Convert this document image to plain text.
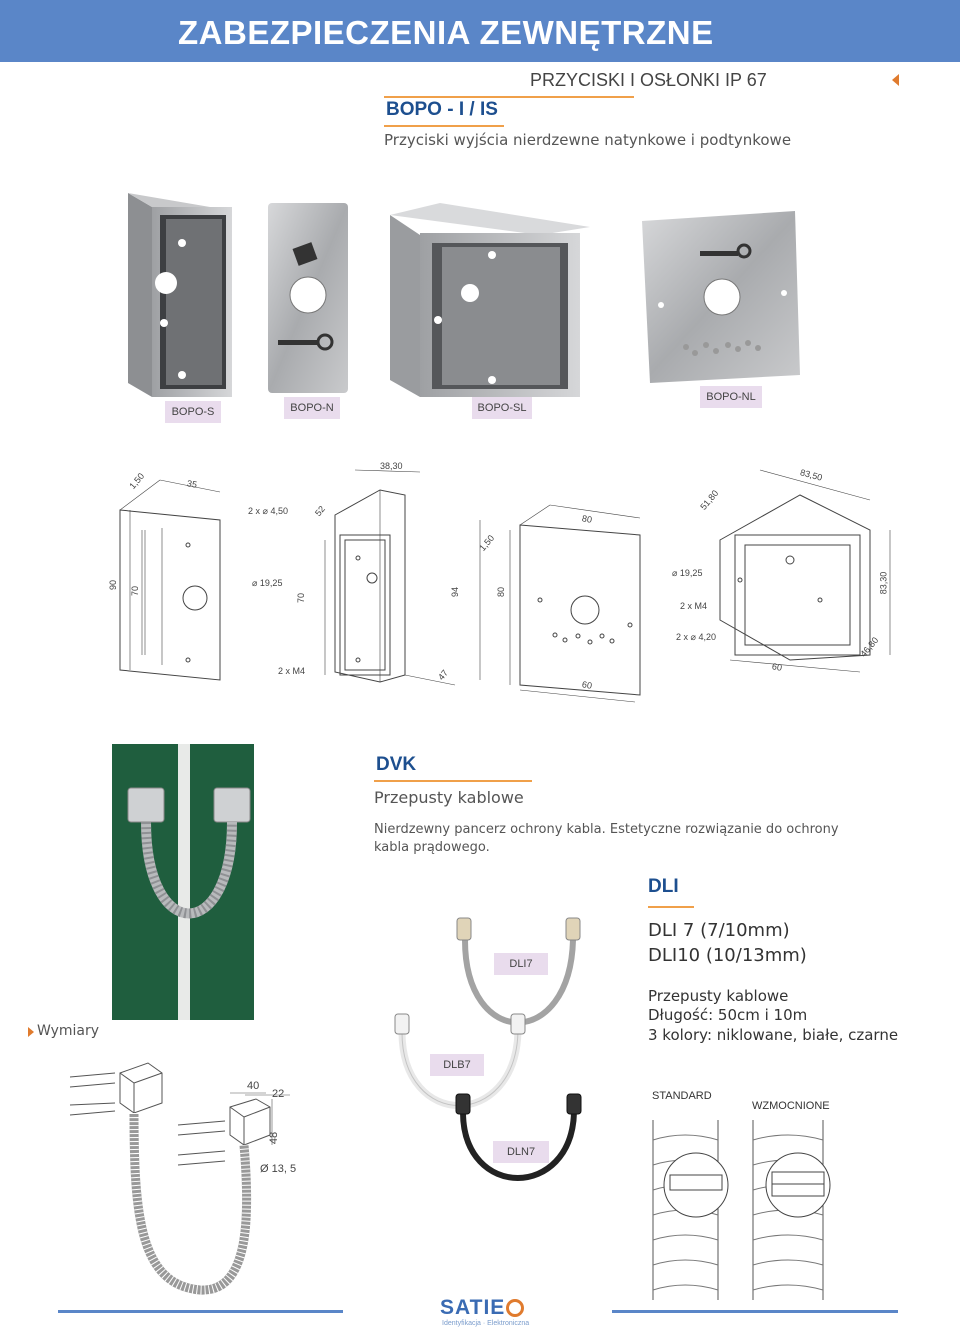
ZABEZPIECZENIA ZEWNĘTRZNE
PRZYCISKI I OSŁONKI IP 67
BOPO - I / IS
Przyciski wyjścia nierdzewne natynkowe i podtynkowe
BOPO-S	BOPO-N	BOPO-SL
BOPO-NL
1,50	35
38,30
83,50
2 x ⌀ 4,50	52
80
51,80
1,50
90
70
⌀ 19,25
70
94	80
⌀ 19,25
2 x M4
83,30
2 x ⌀ 4,20
2 x M4	47
60
60
46,80
DVK
Przepusty kablowe
Nierdzewny pancerz ochrony kabla. Estetyczne rozwiązanie do ochrony
kabla prądowego.
DLI
DLI 7 (7/10mm)
DLI10 (10/13mm)
Przepusty kablowe
Długość: 50cm i 10m
3 kolory: niklowane, białe, czarne
DLI7
DLB7
DLN7
Wymiary
40
22
48
Ø 13, 5
STANDARD
WZMOCNIONE
SATIE
Identyfikacja · Elektroniczna
